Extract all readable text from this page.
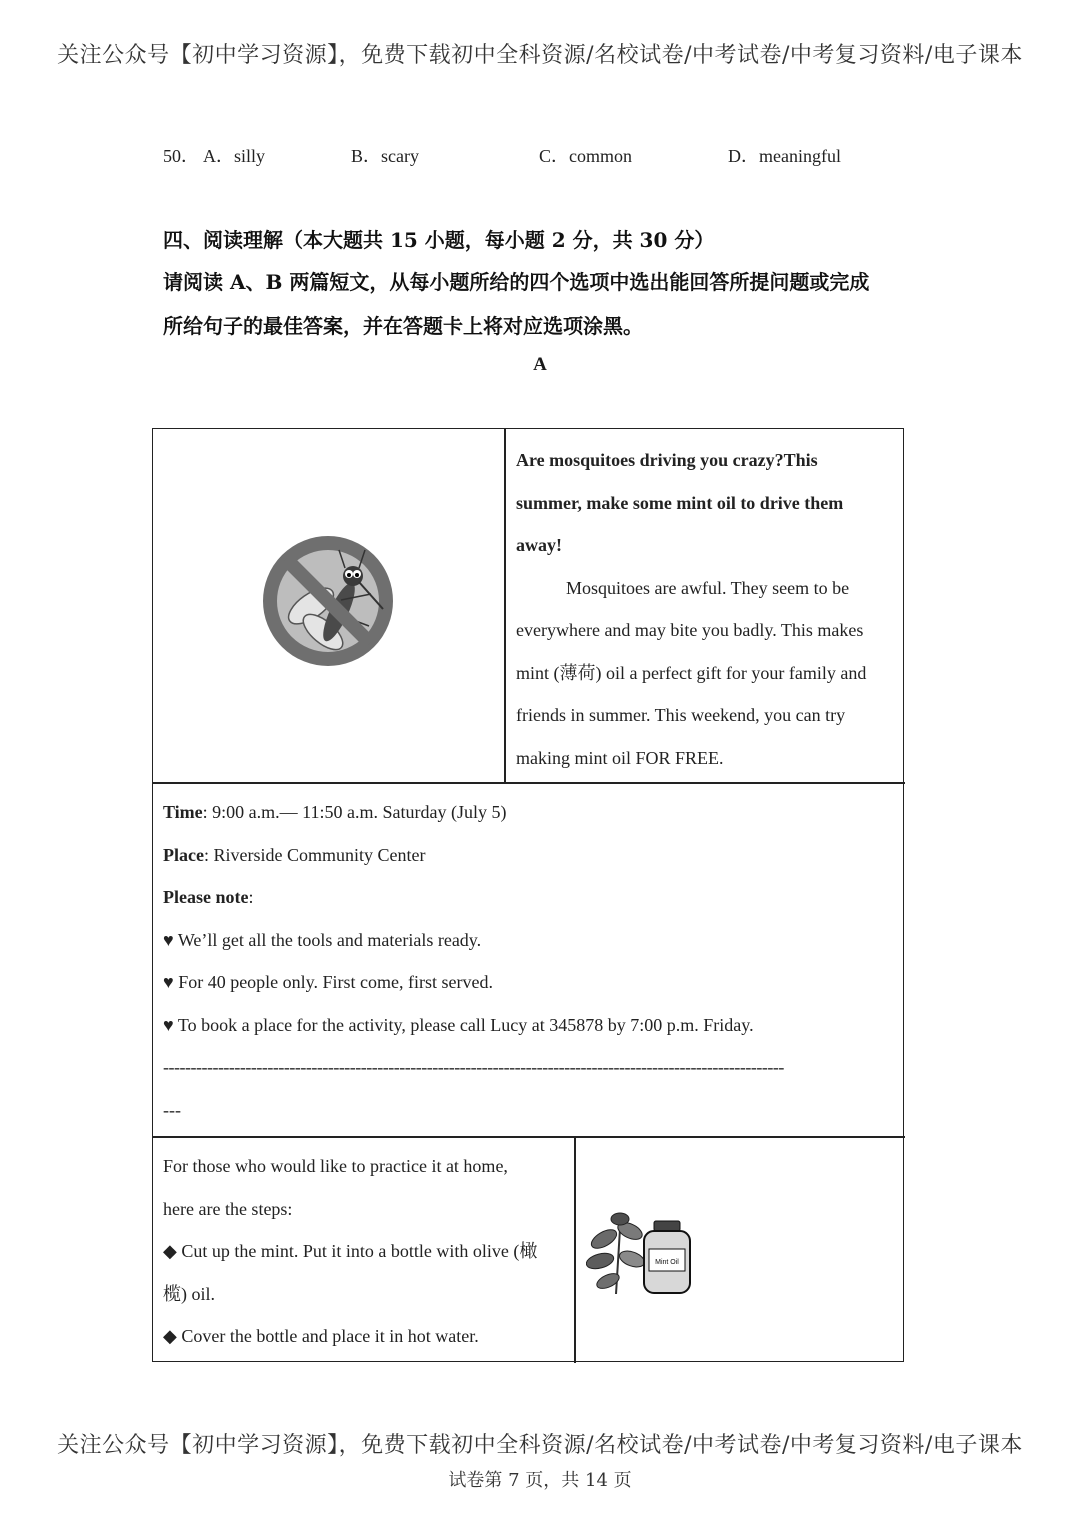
关注公众号【初中学习资源】，免费下载初中全科资源/名校试卷/中考试卷/中考复习资料/电子课本
50． A．silly	B．scary	C．common	D．meaningful
四、阅读理解（本大题共 15 小题，每小题 2 分，共 30 分）
请阅读 A、B 两篇短文，从每小题所给的四个选项中选出能回答所提问题或完成
所给句子的最佳答案，并在答题卡上将对应选项涂黑。
A

Are mosquitoes driving you crazy?This

summer, make some mint oil to drive them

away!

Mosquitoes are awful. They seem to be

everywhere and may bite you badly. This makes

mint (薄荷) oil a perfect gift for your family and

friends in summer. This weekend, you can try

making mint oil FOR FREE.

Time: 9:00 a.m.— 11:50 a.m. Saturday (July 5)

Place: Riverside Community Center

Please note:

♥ We’ll get all the tools and materials ready.

♥ For 40 people only. First come, first served.

♥ To book a place for the activity, please call Lucy at 345878 by 7:00 p.m. Friday.

-----------------------------------------------------------------------------------------------------------------

---

For those who would like to practice it at home,

here are the steps:

◆ Cut up the mint. Put it into a bottle with olive (橄

榄) oil.

◆ Cover the bottle and place it in hot water.

Mint Oil
关注公众号【初中学习资源】，免费下载初中全科资源/名校试卷/中考试卷/中考复习资料/电子课本
试卷第 7 页，共 14 页
